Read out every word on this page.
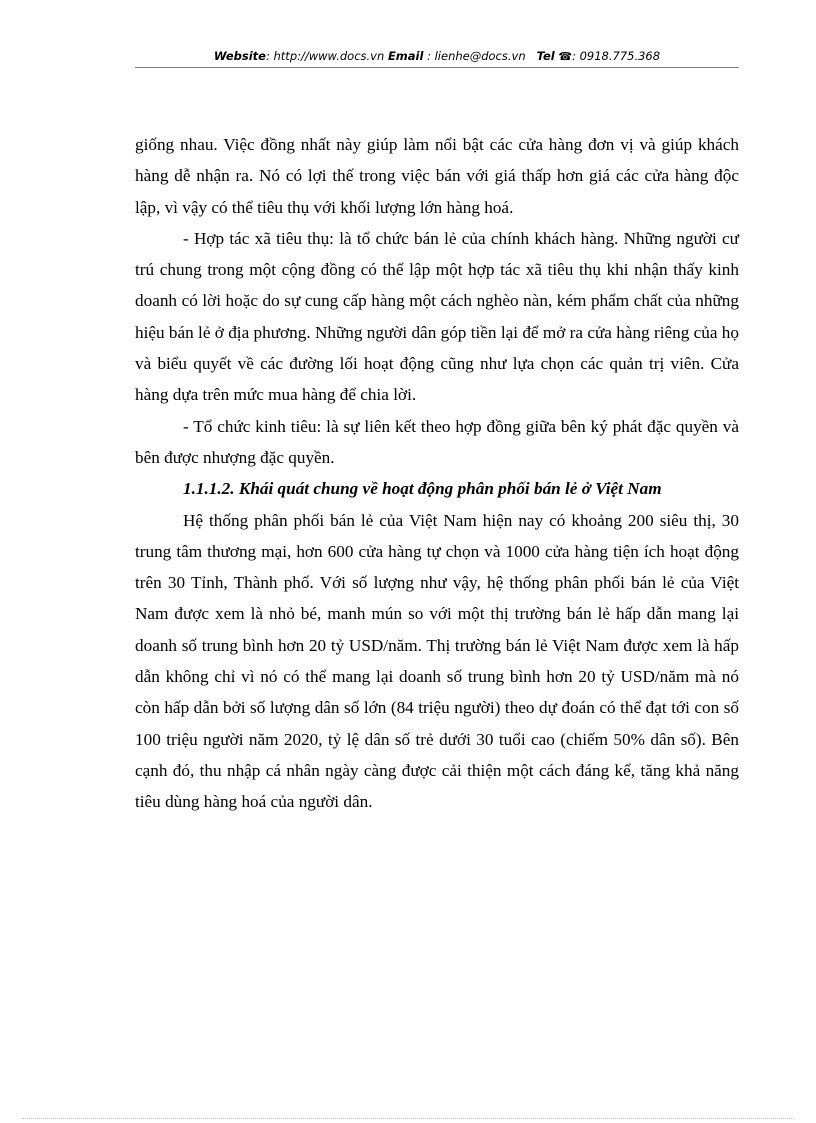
Website: http://www.docs.vn Email : lienhe@docs.vn Tel ☎: 0918.775.368

giống nhau. Việc đồng nhất này giúp làm nổi bật các cửa hàng đơn vị và giúp khách hàng dễ nhận ra. Nó có lợi thế trong việc bán với giá thấp hơn giá các cửa hàng độc lập, vì vậy có thể tiêu thụ với khối lượng lớn hàng hoá.

- Hợp tác xã tiêu thụ: là tổ chức bán lẻ của chính khách hàng. Những người cư trú chung trong một cộng đồng có thể lập một hợp tác xã tiêu thụ khi nhận thấy kinh doanh có lời hoặc do sự cung cấp hàng một cách nghèo nàn, kém phẩm chất của những hiệu bán lẻ ở địa phương. Những người dân góp tiền lại để mở ra cửa hàng riêng của họ và biểu quyết về các đường lối hoạt động cũng như lựa chọn các quản trị viên. Cửa hàng dựa trên mức mua hàng để chia lời.

- Tổ chức kinh tiêu: là sự liên kết theo hợp đồng giữa bên ký phát đặc quyền và bên được nhượng đặc quyền.

1.1.1.2. Khái quát chung về hoạt động phân phối bán lẻ ở Việt Nam

Hệ thống phân phối bán lẻ của Việt Nam hiện nay có khoảng 200 siêu thị, 30 trung tâm thương mại, hơn 600 cửa hàng tự chọn và 1000 cửa hàng tiện ích hoạt động trên 30 Tỉnh, Thành phố. Với số lượng như vậy, hệ thống phân phối bán lẻ của Việt Nam được xem là nhỏ bé, manh mún so với một thị trường bán lẻ hấp dẫn mang lại doanh số trung bình hơn 20 tỷ USD/năm. Thị trường bán lẻ Việt Nam được xem là hấp dẫn không chỉ vì nó có thể mang lại doanh số trung bình hơn 20 tỷ USD/năm mà nó còn hấp dẫn bởi số lượng dân số lớn (84 triệu người) theo dự đoán có thể đạt tới con số 100 triệu người năm 2020, tỷ lệ dân số trẻ dưới 30 tuổi cao (chiếm 50% dân số). Bên cạnh đó, thu nhập cá nhân ngày càng được cải thiện một cách đáng kể, tăng khả năng tiêu dùng hàng hoá của người dân.
